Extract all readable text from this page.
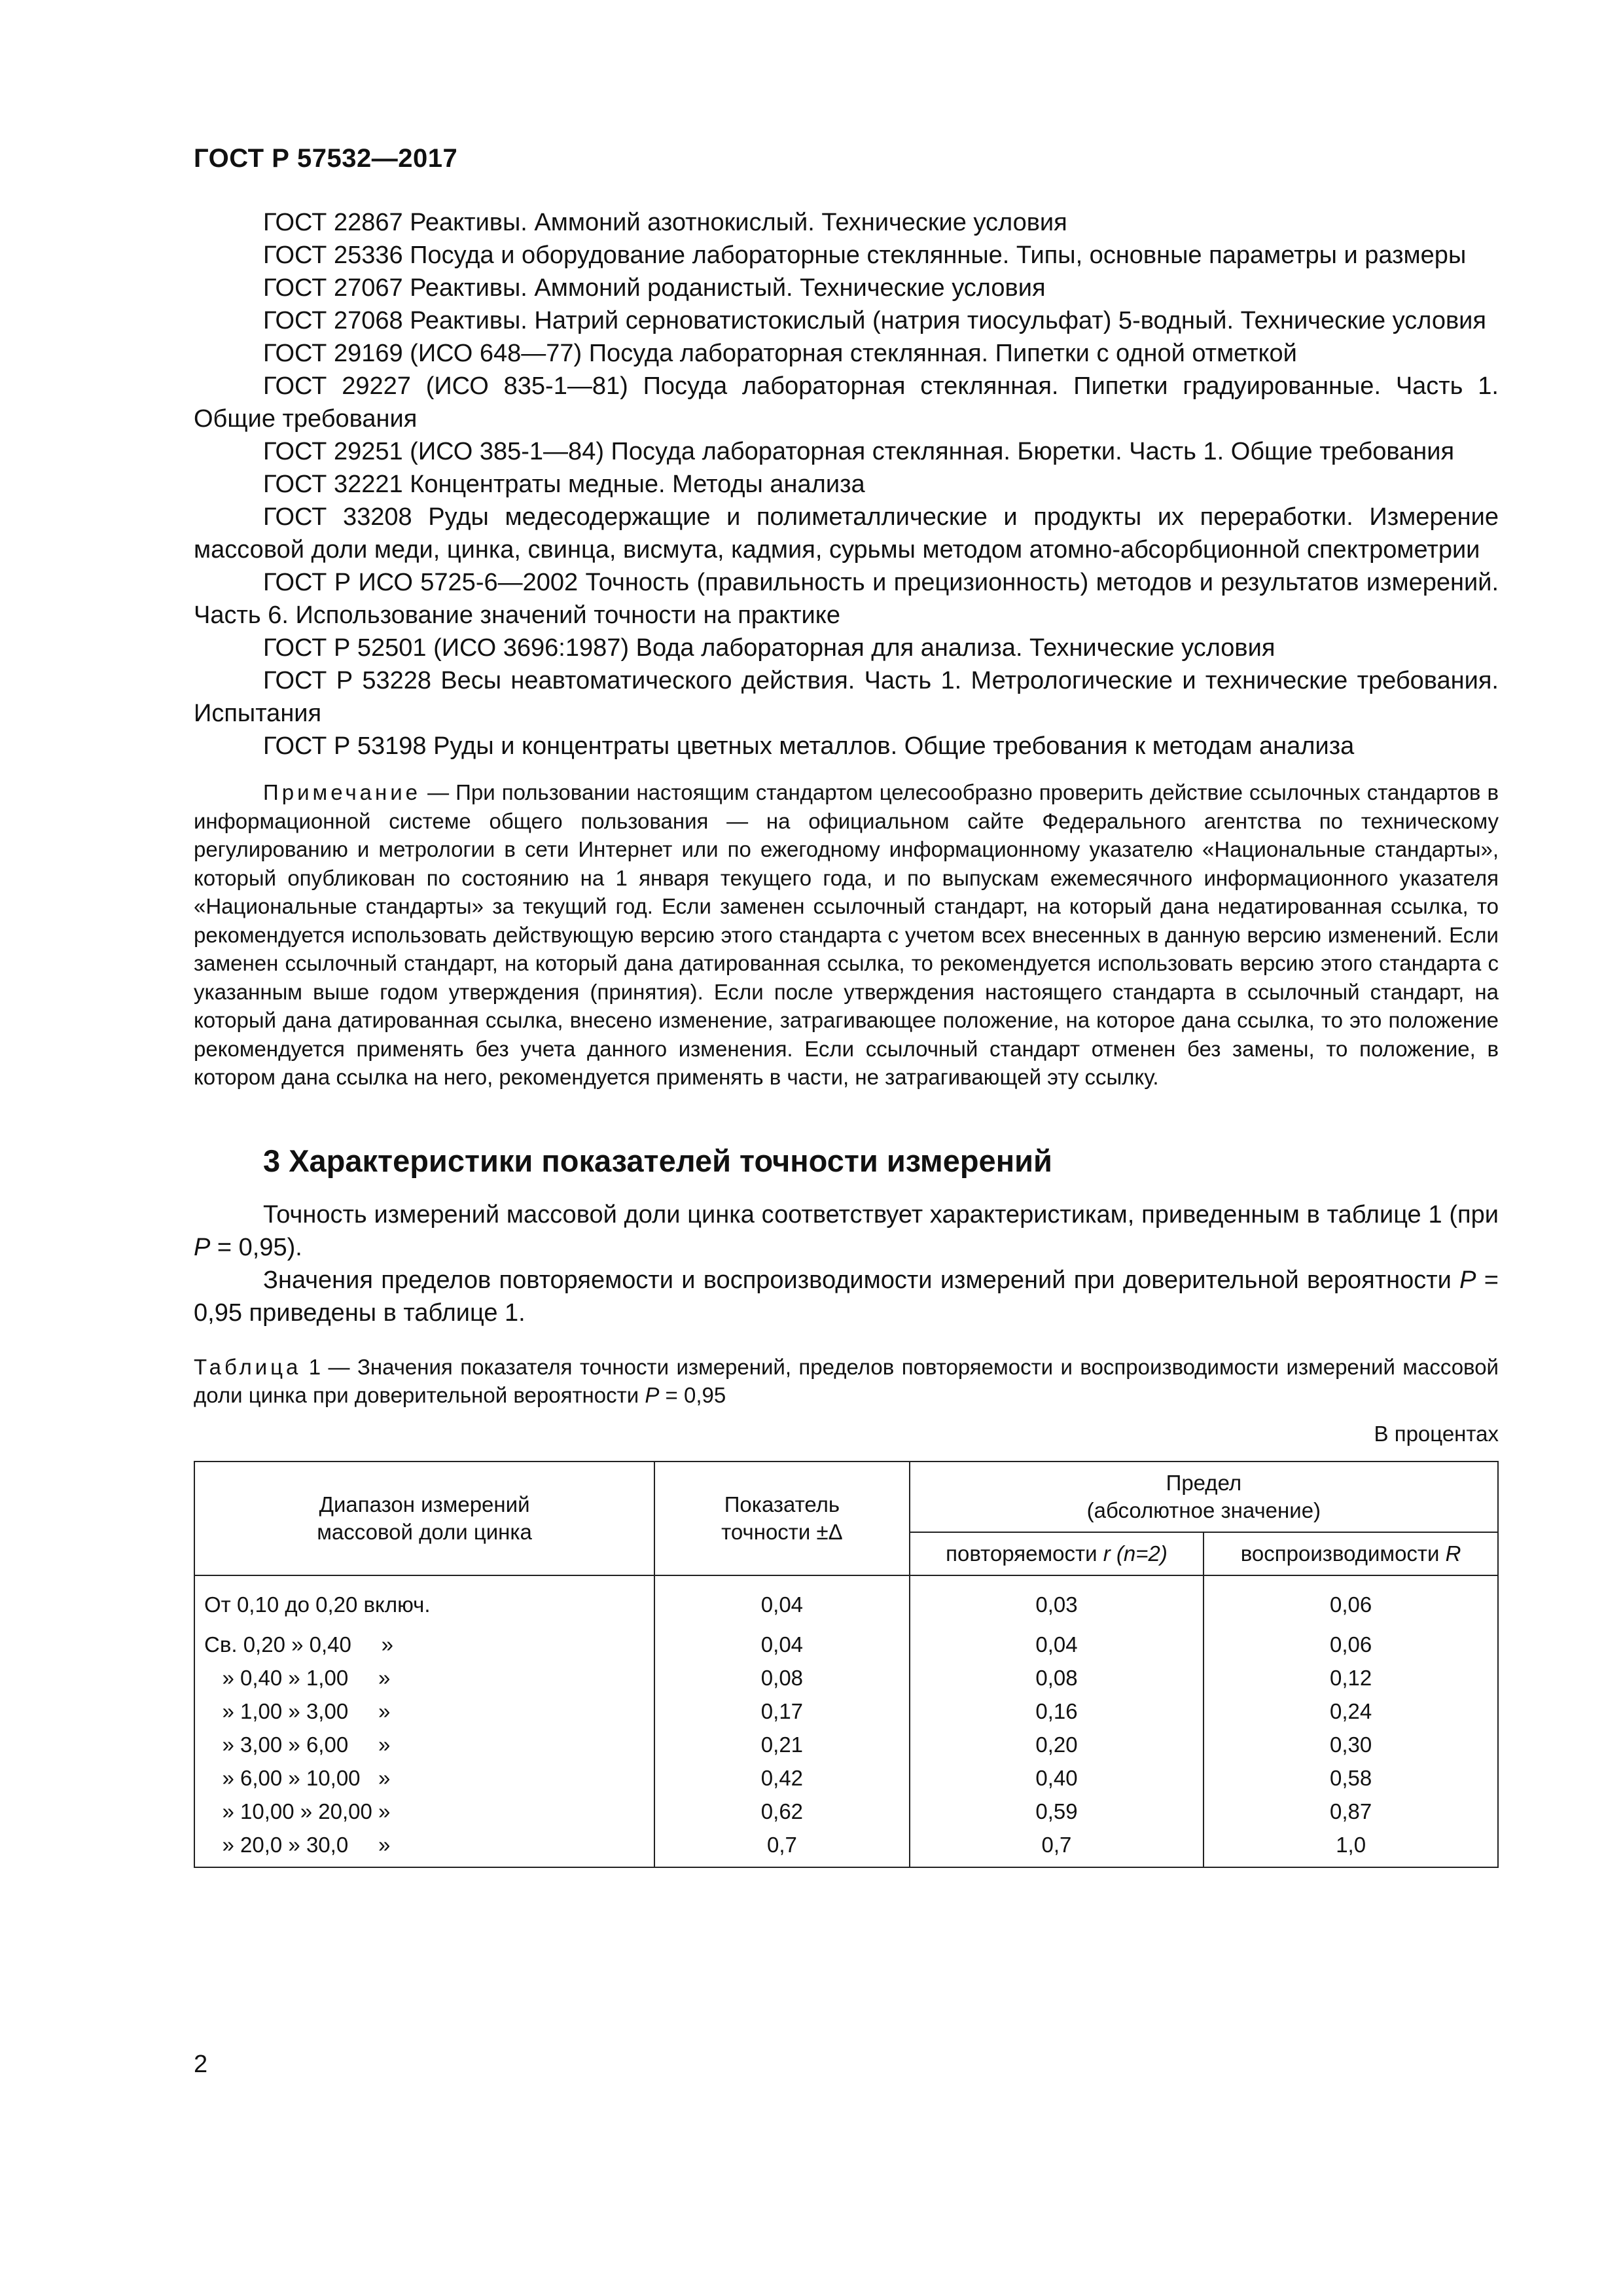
ГОСТ Р 57532—2017

ГОСТ 22867 Реактивы. Аммоний азотнокислый. Технические условия

ГОСТ 25336 Посуда и оборудование лабораторные стеклянные. Типы, основные параметры и размеры

ГОСТ 27067 Реактивы. Аммоний роданистый. Технические условия

ГОСТ 27068 Реактивы. Натрий серноватистокислый (натрия тиосульфат) 5-водный. Технические условия

ГОСТ 29169 (ИСО 648—77) Посуда лабораторная стеклянная. Пипетки с одной отметкой

ГОСТ 29227 (ИСО 835-1—81) Посуда лабораторная стеклянная. Пипетки градуированные. Часть 1. Общие требования

ГОСТ 29251 (ИСО 385-1—84) Посуда лабораторная стеклянная. Бюретки. Часть 1. Общие требования

ГОСТ 32221 Концентраты медные. Методы анализа

ГОСТ 33208 Руды медесодержащие и полиметаллические и продукты их переработки. Измерение массовой доли меди, цинка, свинца, висмута, кадмия, сурьмы методом атомно-абсорбционной спектрометрии

ГОСТ Р ИСО 5725-6—2002 Точность (правильность и прецизионность) методов и результатов измерений. Часть 6. Использование значений точности на практике

ГОСТ Р 52501 (ИСО 3696:1987) Вода лабораторная для анализа. Технические условия

ГОСТ Р 53228 Весы неавтоматического действия. Часть 1. Метрологические и технические требования. Испытания

ГОСТ Р 53198 Руды и концентраты цветных металлов. Общие требования к методам анализа

Примечание — При пользовании настоящим стандартом целесообразно проверить действие ссылочных стандартов в информационной системе общего пользования — на официальном сайте Федерального агентства по техническому регулированию и метрологии в сети Интернет или по ежегодному информационному указателю «Национальные стандарты», который опубликован по состоянию на 1 января текущего года, и по выпускам ежемесячного информационного указателя «Национальные стандарты» за текущий год. Если заменен ссылочный стандарт, на который дана недатированная ссылка, то рекомендуется использовать действующую версию этого стандарта с учетом всех внесенных в данную версию изменений. Если заменен ссылочный стандарт, на который дана датированная ссылка, то рекомендуется использовать версию этого стандарта с указанным выше годом утверждения (принятия). Если после утверждения настоящего стандарта в ссылочный стандарт, на который дана датированная ссылка, внесено изменение, затрагивающее положение, на которое дана ссылка, то это положение рекомендуется применять без учета данного изменения. Если ссылочный стандарт отменен без замены, то положение, в котором дана ссылка на него, рекомендуется применять в части, не затрагивающей эту ссылку.

3 Характеристики показателей точности измерений

Точность измерений массовой доли цинка соответствует характеристикам, приведенным в таблице 1 (при P = 0,95).

Значения пределов повторяемости и воспроизводимости измерений при доверительной вероятности P = 0,95 приведены в таблице 1.

Таблица 1 — Значения показателя точности измерений, пределов повторяемости и воспроизводимости измерений массовой доли цинка при доверительной вероятности P = 0,95

В процентах
Диапазон измерений
массовой доли цинка	Показатель
точности ±Δ	Предел
(абсолютное значение)	
		повторяемости r (n=2)	воспроизводимости R
От 0,10 до 0,20 включ.	0,04	0,03	0,06
Св. 0,20 » 0,40     »	0,04	0,04	0,06
» 0,40 » 1,00     »	0,08	0,08	0,12
» 1,00 » 3,00     »	0,17	0,16	0,24
» 3,00 » 6,00     »	0,21	0,20	0,30
» 6,00 » 10,00   »	0,42	0,40	0,58
» 10,00 » 20,00 »	0,62	0,59	0,87
» 20,0 » 30,0     »	0,7	0,7	1,0
2
